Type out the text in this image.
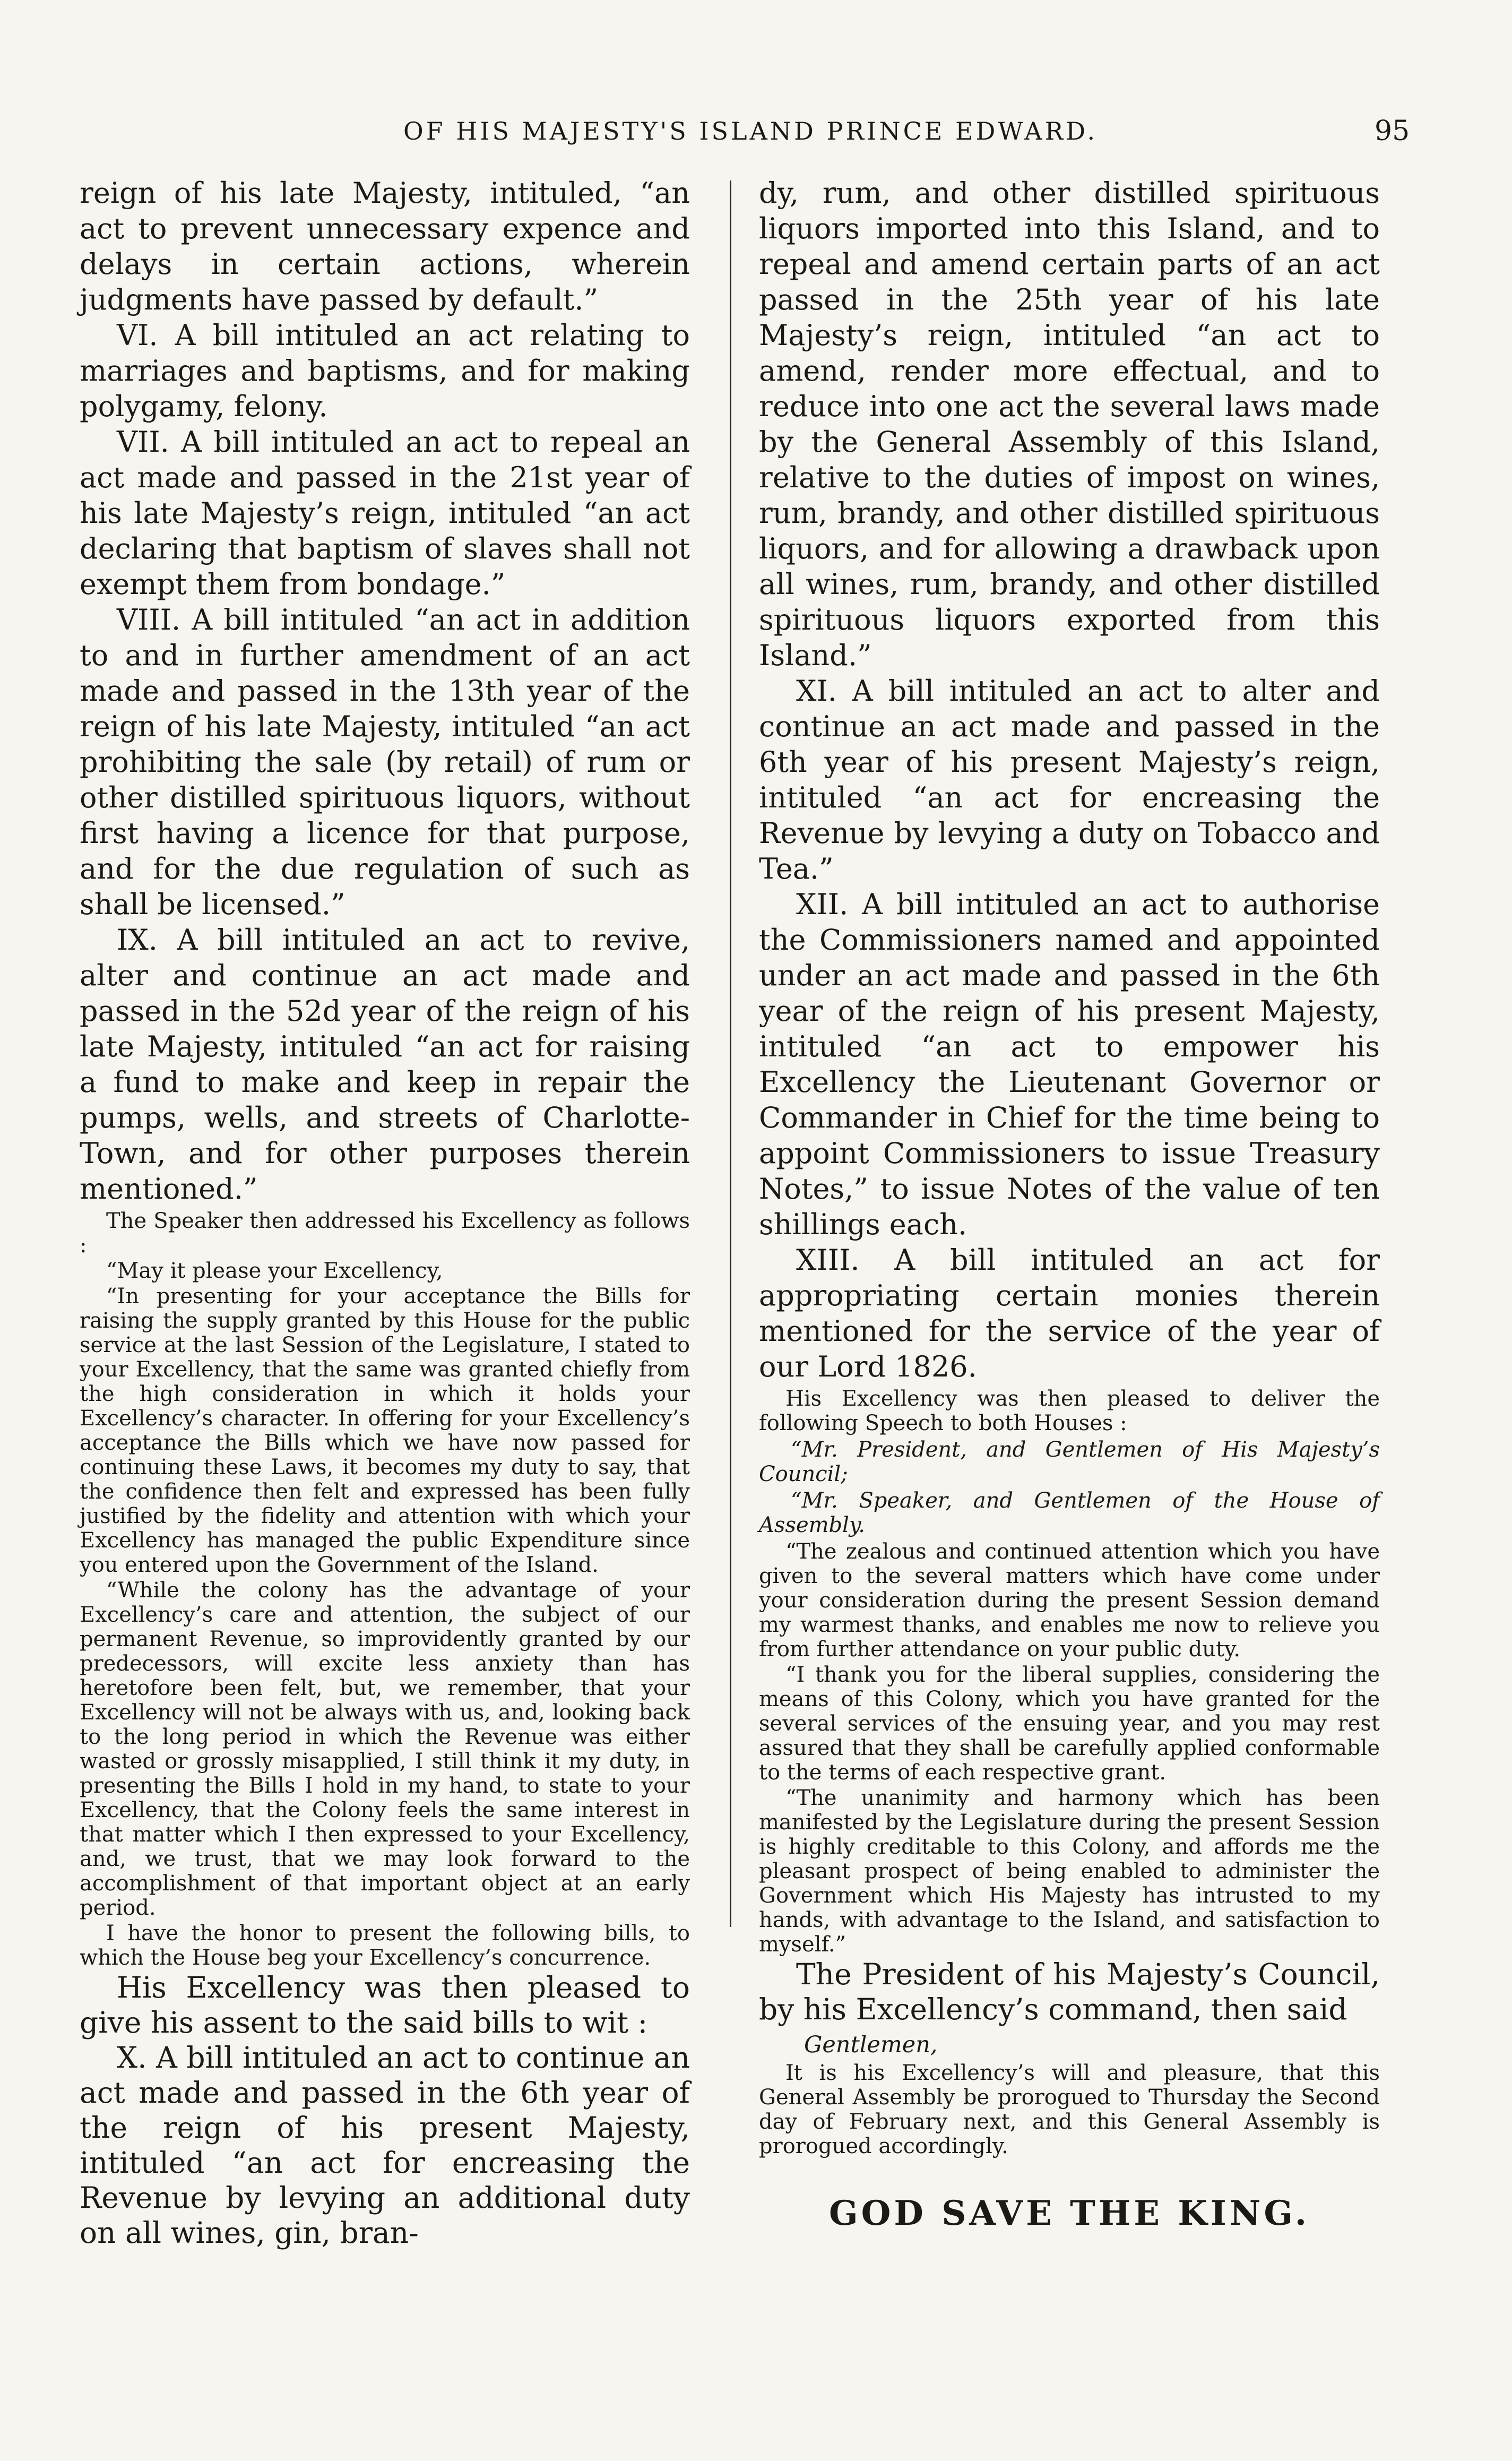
OF HIS MAJESTY'S ISLAND PRINCE EDWARD.	95

reign of his late Majesty, intituled, “an act to prevent unnecessary expence and delays in certain actions, wherein judgments have passed by default.”

VI. A bill intituled an act relating to marriages and baptisms, and for making polygamy, felony.

VII. A bill intituled an act to repeal an act made and passed in the 21st year of his late Majesty’s reign, intituled “an act declaring that baptism of slaves shall not exempt them from bondage.”

VIII. A bill intituled “an act in addition to and in further amendment of an act made and passed in the 13th year of the reign of his late Majesty, intituled “an act prohibiting the sale (by retail) of rum or other distilled spirituous liquors, without first having a licence for that purpose, and for the due regulation of such as shall be licensed.”

IX. A bill intituled an act to revive, alter and continue an act made and passed in the 52d year of the reign of his late Majesty, intituled “an act for raising a fund to make and keep in repair the pumps, wells, and streets of Charlotte-Town, and for other purposes therein mentioned.”

The Speaker then addressed his Excellency as follows :

“May it please your Excellency,

“In presenting for your acceptance the Bills for raising the supply granted by this House for the public service at the last Session of the Legislature, I stated to your Excellency, that the same was granted chiefly from the high consideration in which it holds your Excellency’s character. In offering for your Excellency’s acceptance the Bills which we have now passed for continuing these Laws, it becomes my duty to say, that the confidence then felt and expressed has been fully justified by the fidelity and attention with which your Excellency has managed the public Expenditure since you entered upon the Government of the Island.

“While the colony has the advantage of your Excellency’s care and attention, the subject of our permanent Revenue, so improvidently granted by our predecessors, will excite less anxiety than has heretofore been felt, but, we remember, that your Excellency will not be always with us, and, looking back to the long period in which the Revenue was either wasted or grossly misapplied, I still think it my duty, in presenting the Bills I hold in my hand, to state to your Excellency, that the Colony feels the same interest in that matter which I then expressed to your Excellency, and, we trust, that we may look forward to the accomplishment of that important object at an early period.

I have the honor to present the following bills, to which the House beg your Excellency’s concurrence.

His Excellency was then pleased to give his assent to the said bills to wit :

X. A bill intituled an act to continue an act made and passed in the 6th year of the reign of his present Majesty, intituled “an act for encreasing the Revenue by levying an additional duty on all wines, gin, bran-

dy, rum, and other distilled spirituous liquors imported into this Island, and to repeal and amend certain parts of an act passed in the 25th year of his late Majesty’s reign, intituled “an act to amend, render more effectual, and to reduce into one act the several laws made by the General Assembly of this Island, relative to the duties of impost on wines, rum, brandy, and other distilled spirituous liquors, and for allowing a drawback upon all wines, rum, brandy, and other distilled spirituous liquors exported from this Island.”

XI. A bill intituled an act to alter and continue an act made and passed in the 6th year of his present Majesty’s reign, intituled “an act for encreasing the Revenue by levying a duty on Tobacco and Tea.”

XII. A bill intituled an act to authorise the Commissioners named and appointed under an act made and passed in the 6th year of the reign of his present Majesty, intituled “an act to empower his Excellency the Lieutenant Governor or Commander in Chief for the time being to appoint Commissioners to issue Treasury Notes,” to issue Notes of the value of ten shillings each.

XIII. A bill intituled an act for appropriating certain monies therein mentioned for the service of the year of our Lord 1826.

His Excellency was then pleased to deliver the following Speech to both Houses :

“Mr. President, and Gentlemen of His Majesty’s Council;

“Mr. Speaker, and Gentlemen of the House of Assembly.

“The zealous and continued attention which you have given to the several matters which have come under your consideration during the present Session demand my warmest thanks, and enables me now to relieve you from further attendance on your public duty.

“I thank you for the liberal supplies, considering the means of this Colony, which you have granted for the several services of the ensuing year, and you may rest assured that they shall be carefully applied conformable to the terms of each respective grant.

“The unanimity and harmony which has been manifested by the Legislature during the present Session is highly creditable to this Colony, and affords me the pleasant prospect of being enabled to administer the Government which His Majesty has intrusted to my hands, with advantage to the Island, and satisfaction to myself.”

The President of his Majesty’s Council, by his Excellency’s command, then said

Gentlemen,

It is his Excellency’s will and pleasure, that this General Assembly be prorogued to Thursday the Second day of February next, and this General Assembly is prorogued accordingly.

GOD SAVE THE KING.
